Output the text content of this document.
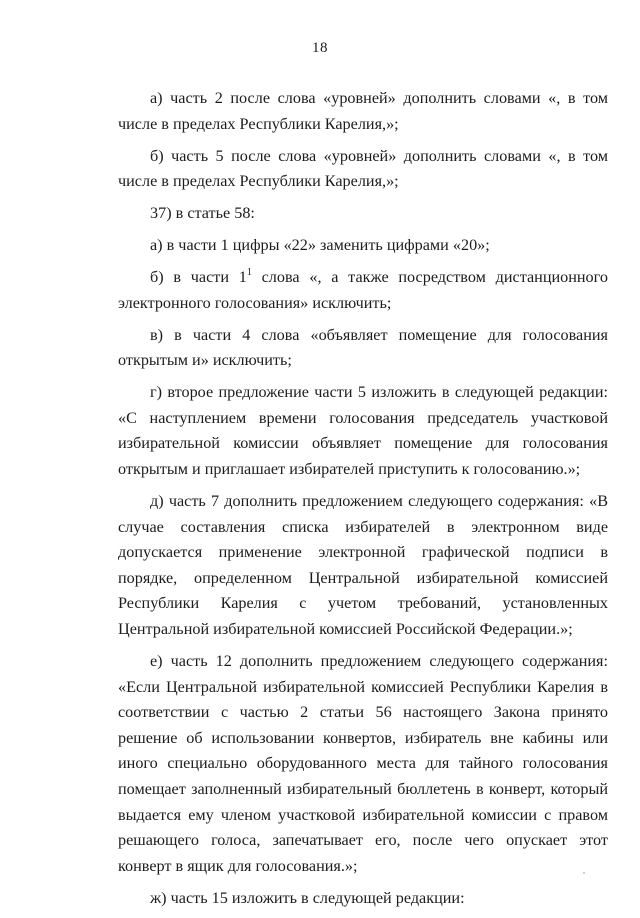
18

а) часть 2 после слова «уровней» дополнить словами «, в том числе в пределах Республики Карелия,»;

б) часть 5 после слова «уровней» дополнить словами «, в том числе в пределах Республики Карелия,»;

37) в статье 58:

а) в части 1 цифры «22» заменить цифрами «20»;

б) в части $1^1$ слова «, а также посредством дистанционного электронного голосования» исключить;

в) в части 4 слова «объявляет помещение для голосования открытым и» исключить;

г) второе предложение части 5 изложить в следующей редакции: «С наступлением времени голосования председатель участковой избирательной комиссии объявляет помещение для голосования открытым и приглашает избирателей приступить к голосованию.»;

д) часть 7 дополнить предложением следующего содержания: «В случае составления списка избирателей в электронном виде допускается применение электронной графической подписи в порядке, определенном Центральной избирательной комиссией Республики Карелия с учетом требований, установленных Центральной избирательной комиссией Российской Федерации.»;

е) часть 12 дополнить предложением следующего содержания: «Если Центральной избирательной комиссией Республики Карелия в соответствии с частью 2 статьи 56 настоящего Закона принято решение об использовании конвертов, избиратель вне кабины или иного специально оборудованного места для тайного голосования помещает заполненный избирательный бюллетень в конверт, который выдается ему членом участковой избирательной комиссии с правом решающего голоса, запечатывает его, после чего опускает этот конверт в ящик для голосования.»;

ж) часть 15 изложить в следующей редакции:
